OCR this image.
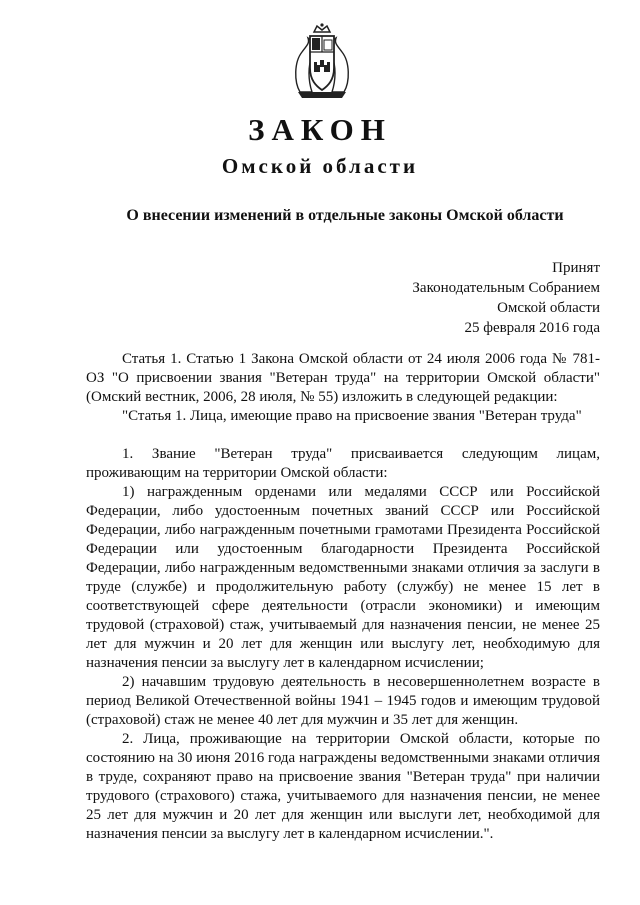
ЗАКОН
Омской области
О внесении изменений в отдельные законы Омской области
Принят
Законодательным Собранием
Омской области
25 февраля 2016 года

Статья 1. Статью 1 Закона Омской области от 24 июля 2006 года № 781-ОЗ "О присвоении звания "Ветеран труда" на территории Омской области" (Омский вестник, 2006, 28 июля, № 55) изложить в следующей редакции:

"Статья 1. Лица, имеющие право на присвоение звания "Ветеран труда"

1. Звание "Ветеран труда" присваивается следующим лицам, проживающим на территории Омской области:

1) награжденным орденами или медалями СССР или Российской Федерации, либо удостоенным почетных званий СССР или Российской Федерации, либо награжденным почетными грамотами Президента Российской Федерации или удостоенным благодарности Президента Российской Федерации, либо награжденным ведомственными знаками отличия за заслуги в труде (службе) и продолжительную работу (службу) не менее 15 лет в соответствующей сфере деятельности (отрасли экономики) и имеющим трудовой (страховой) стаж, учитываемый для назначения пенсии, не менее 25 лет для мужчин и 20 лет для женщин или выслугу лет, необходимую для назначения пенсии за выслугу лет в календарном исчислении;

2) начавшим трудовую деятельность в несовершеннолетнем возрасте в период Великой Отечественной войны 1941 – 1945 годов и имеющим трудовой (страховой) стаж не менее 40 лет для мужчин и 35 лет для женщин.

2. Лица, проживающие на территории Омской области, которые по состоянию на 30 июня 2016 года награждены ведомственными знаками отличия в труде, сохраняют право на присвоение звания "Ветеран труда" при наличии трудового (страхового) стажа, учитываемого для назначения пенсии, не менее 25 лет для мужчин и 20 лет для женщин или выслуги лет, необходимой для назначения пенсии за выслугу лет в календарном исчислении.".
